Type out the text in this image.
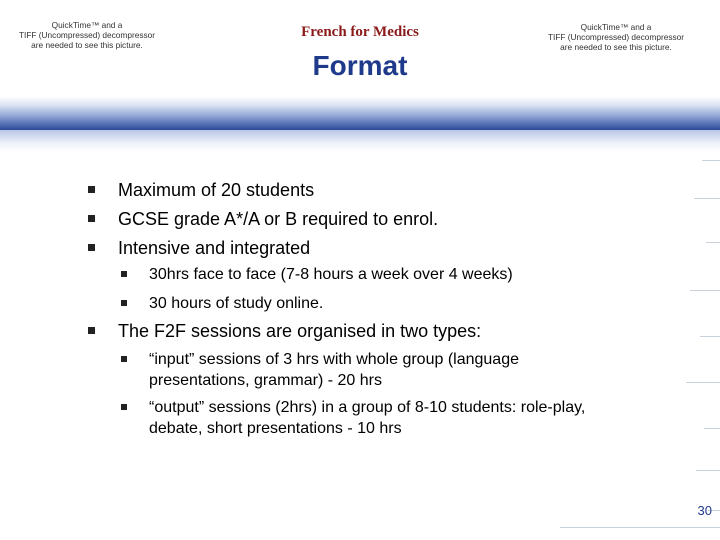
QuickTime™ and a
TIFF (Uncompressed) decompressor
are needed to see this picture.
French for Medics	QuickTime™ and a
TIFF (Uncompressed) decompressor
are needed to see this picture.
Format
Maximum of 20 students
GCSE grade A*/A or B required to enrol.
Intensive and integrated
30hrs face to face (7-8 hours a week over 4 weeks)
30 hours of study online.
The F2F sessions are organised in two types:
“input” sessions of 3 hrs with whole group (language
presentations, grammar) - 20 hrs
“output” sessions (2hrs) in a group of 8-10 students: role-play,
debate, short presentations - 10 hrs
30
